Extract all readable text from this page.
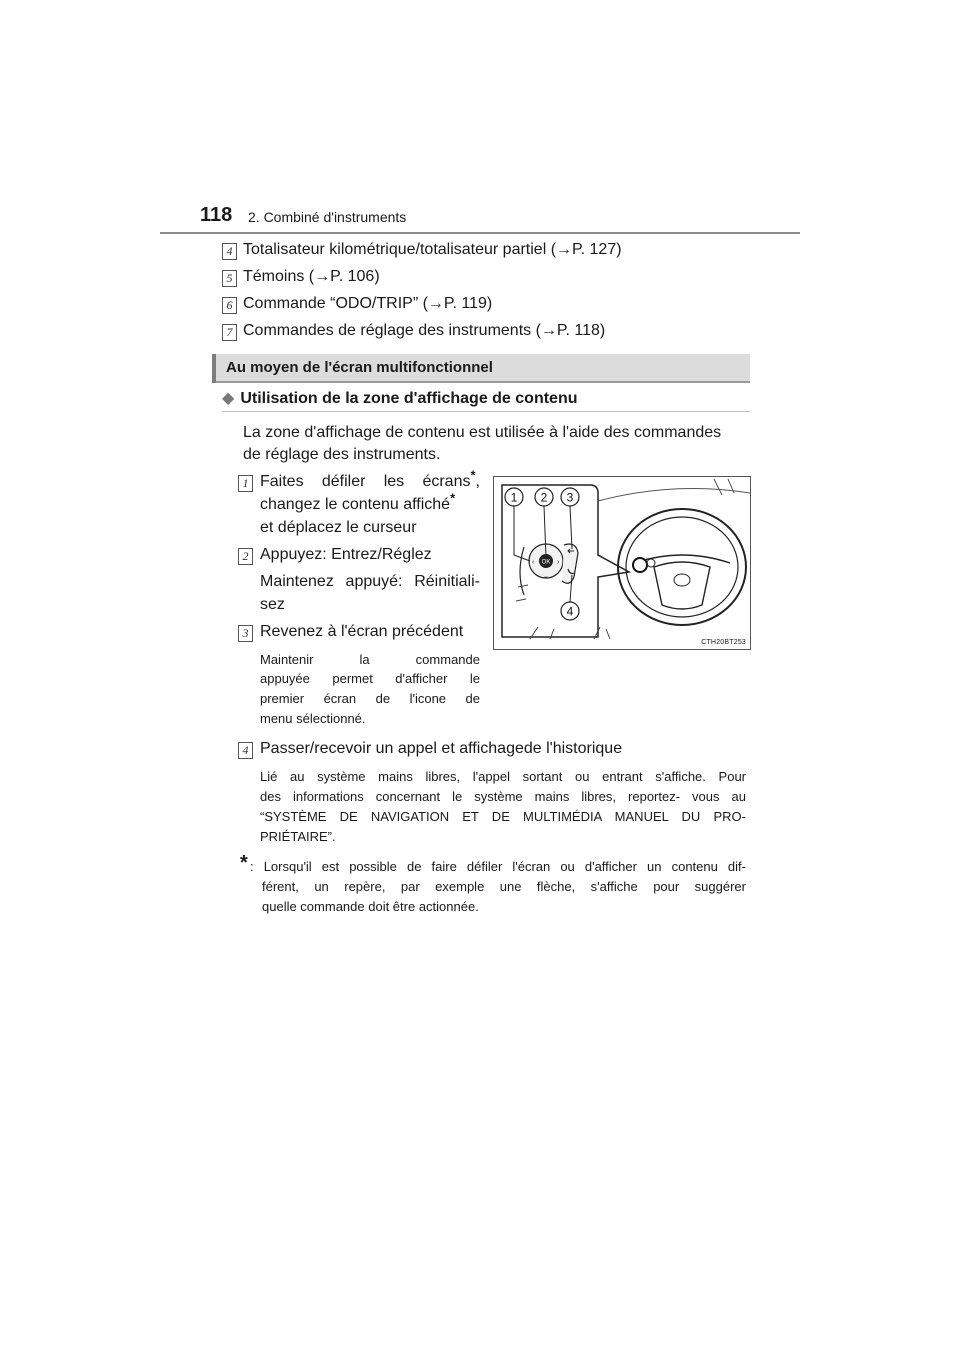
118 2. Combiné d'instruments
4 Totalisateur kilométrique/totalisateur partiel (→P. 127)
5 Témoins (→P. 106)
6 Commande “ODO/TRIP” (→P. 119)
7 Commandes de réglage des instruments (→P. 118)
Au moyen de l'écran multifonctionnel
◆ Utilisation de la zone d'affichage de contenu
La zone d'affichage de contenu est utilisée à l'aide des commandes
de réglage des instruments.
1 Faites défiler les écrans*,
changez le contenu affiché*
et déplacez le curseur
2 Appuyez: Entrez/Réglez
Maintenez appuyé: Réinitiali-
sez
3 Revenez à l'écran précédent
Maintenir la commande
appuyée permet d'afficher le
premier écran de l'icone de
menu sélectionné.
4 Passer/recevoir un appel et affichagede l'historique
Lié au système mains libres, l'appel sortant ou entrant s'affiche. Pour
des informations concernant le système mains libres, reportez- vous au
“SYSTÈME DE NAVIGATION ET DE MULTIMÉDIA MANUEL DU PRO-
PRIÉTAIRE”.
* : Lorsqu'il est possible de faire défiler l'écran ou d'afficher un contenu dif-
férent, un repère, par exemple une flèche, s'affiche pour suggérer
quelle commande doit être actionnée.
OK
‹	›
⌄
1 2 3
4
CTH20BT253
